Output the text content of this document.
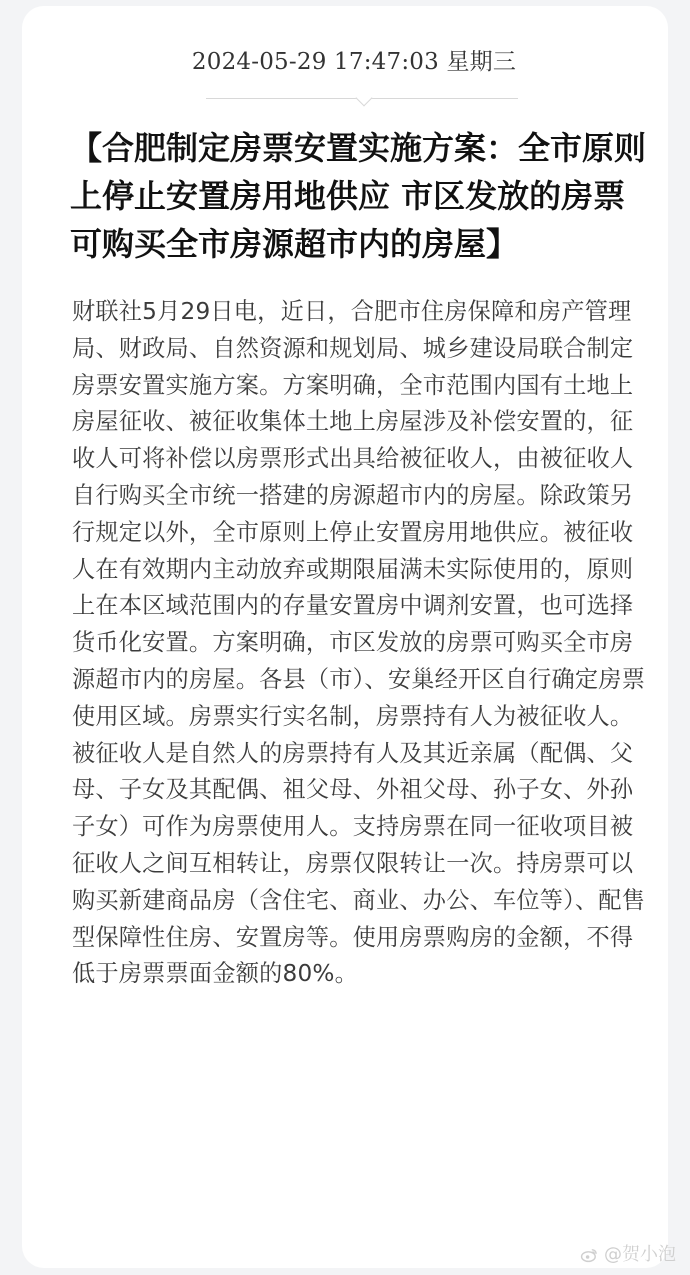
2024-05-29 17:47:03 星期三
【合肥制定房票安置实施方案：全市原则上停止安置房用地供应 市区发放的房票可购买全市房源超市内的房屋】

财联社5月29日电，近日，合肥市住房保障和房产管理局、财政局、自然资源和规划局、城乡建设局联合制定房票安置实施方案。方案明确，全市范围内国有土地上房屋征收、被征收集体土地上房屋涉及补偿安置的，征收人可将补偿以房票形式出具给被征收人，由被征收人自行购买全市统一搭建的房源超市内的房屋。除政策另行规定以外，全市原则上停止安置房用地供应。被征收人在有效期内主动放弃或期限届满未实际使用的，原则上在本区域范围内的存量安置房中调剂安置，也可选择货币化安置。方案明确，市区发放的房票可购买全市房源超市内的房屋。各县（市）、安巢经开区自行确定房票使用区域。房票实行实名制，房票持有人为被征收人。被征收人是自然人的房票持有人及其近亲属（配偶、父母、子女及其配偶、祖父母、外祖父母、孙子女、外孙子女）可作为房票使用人。支持房票在同一征收项目被征收人之间互相转让，房票仅限转让一次。持房票可以购买新建商品房（含住宅、商业、办公、车位等）、配售型保障性住房、安置房等。使用房票购房的金额，不得低于房票票面金额的80%。

@贺小泡
